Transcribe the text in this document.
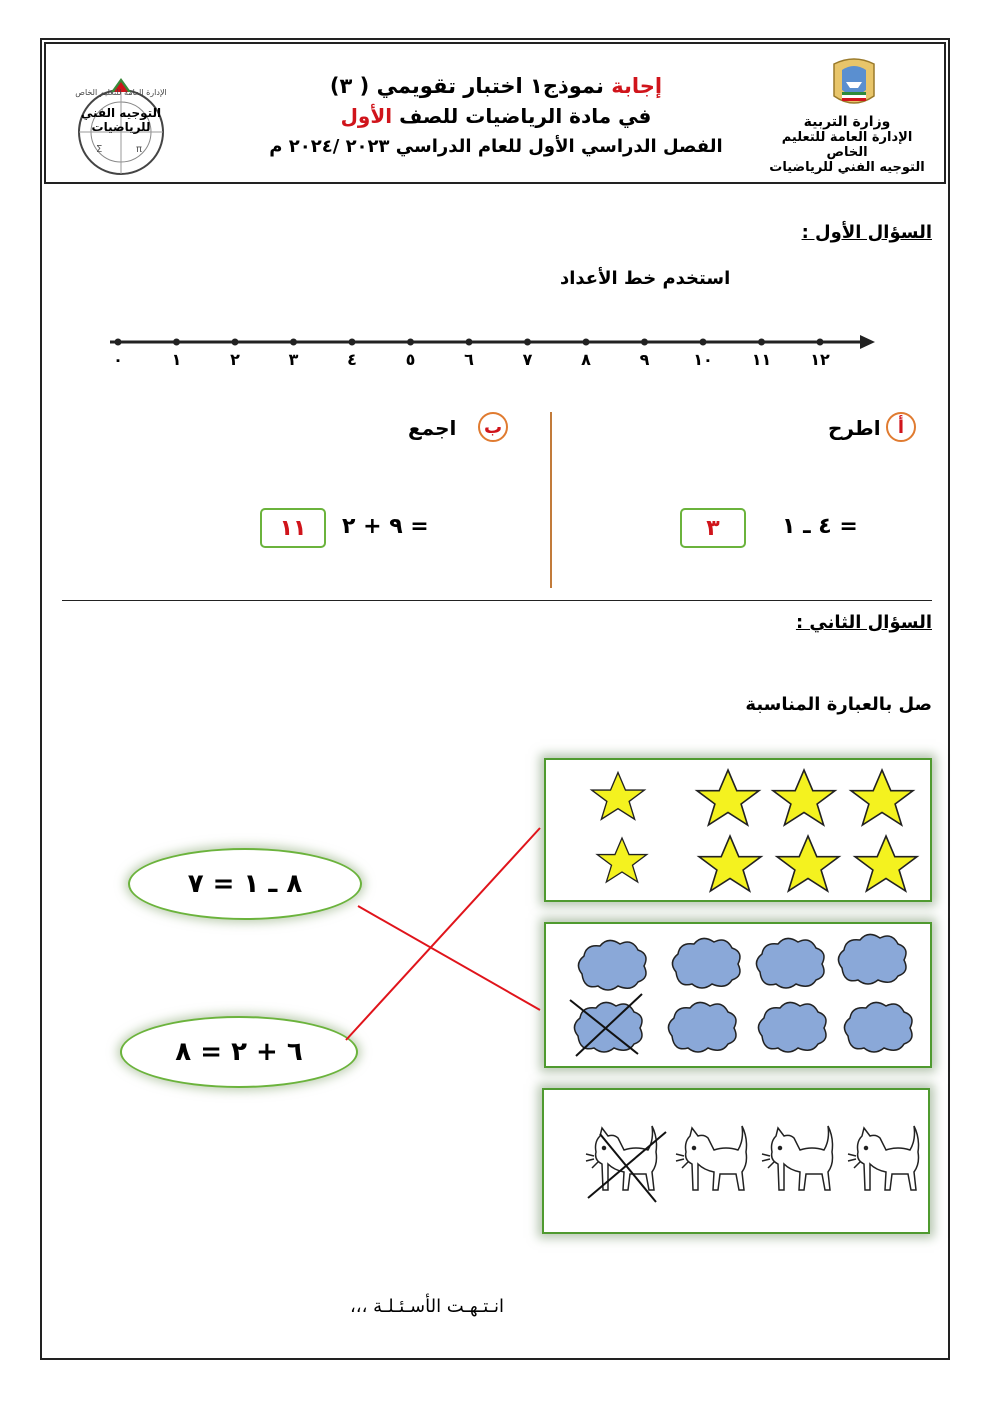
Σ	π
الإدارة العامة للتعليم الخاص
التوجيه الفني للرياضيات
إجابة نموذج١ اختبار تقويمي ( ٣)
في مادة الرياضيات للصف الأول
الفصل الدراسي الأول للعام الدراسي ٢٠٢٣ /٢٠٢٤ م
وزارة التربية
الإدارة العامة للتعليم الخاص
التوجيه الفني للرياضيات
السؤال الأول :
استخدم خط الأعداد
٠	١	٢	٣	٤	٥	٦	٧	٨	٩	١٠	١١	١٢
أ
اطرح
٤ ـ ١ =
٣
ب
اجمع
٩ + ٢ =
١١
السؤال الثاني :
صل بالعبارة المناسبة
٨ ـ ١ = ٧
٦ + ٢ = ٨
انـتـهـت الأسـئـلـة ،،،
